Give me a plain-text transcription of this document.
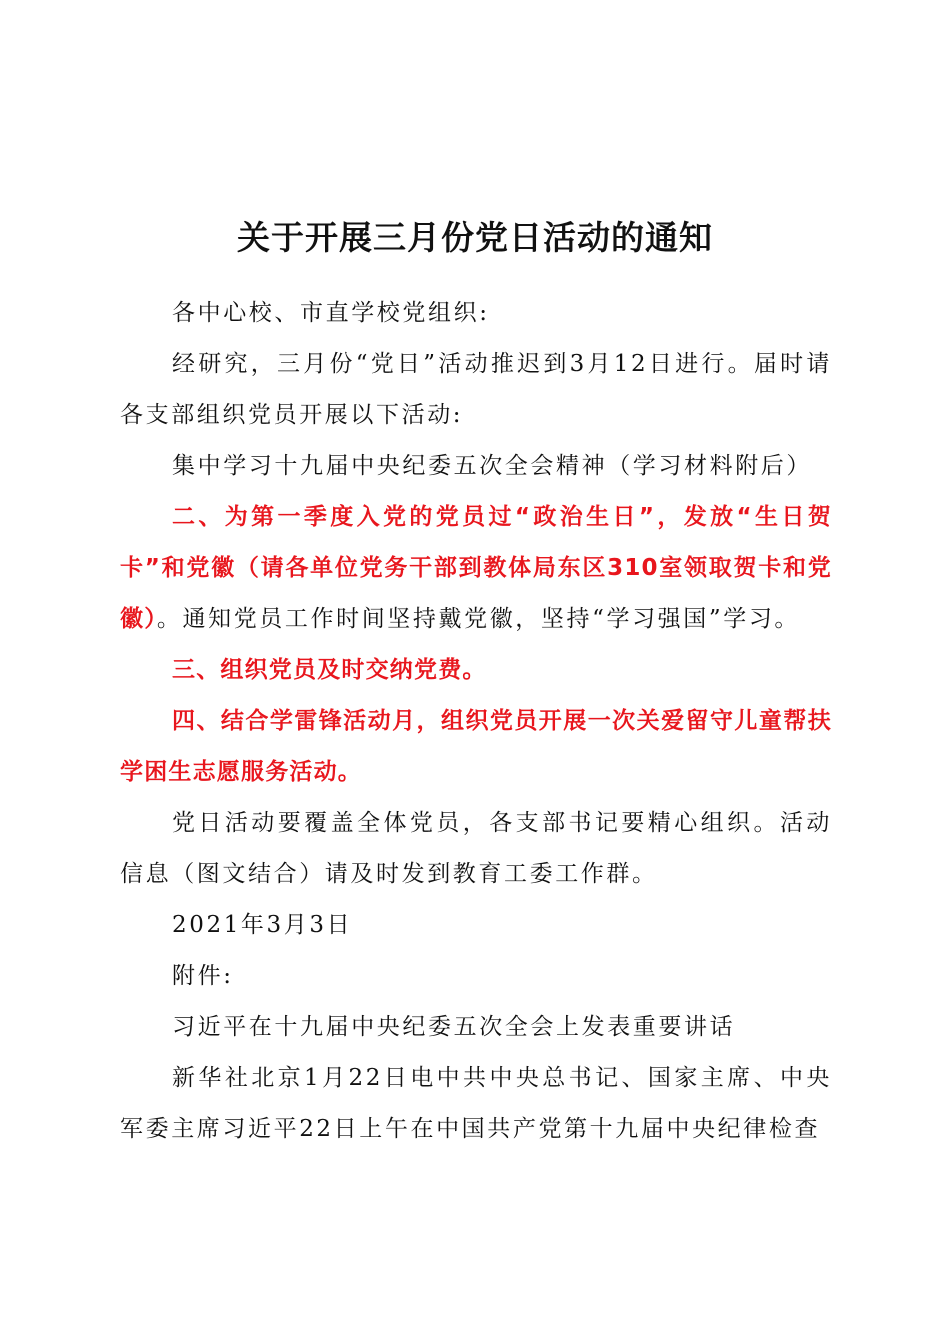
关于开展三月份党日活动的通知

各中心校、市直学校党组织:

经研究，三月份“党日”活动推迟到3月12日进行。届时请各支部组织党员开展以下活动:

集中学习十九届中央纪委五次全会精神（学习材料附后）

二、为第一季度入党的党员过“政治生日”，发放“生日贺卡”和党徽（请各单位党务干部到教体局东区310室领取贺卡和党徽）。通知党员工作时间坚持戴党徽，坚持“学习强国”学习。

三、组织党员及时交纳党费。

四、结合学雷锋活动月，组织党员开展一次关爱留守儿童帮扶学困生志愿服务活动。

党日活动要覆盖全体党员，各支部书记要精心组织。活动信息（图文结合）请及时发到教育工委工作群。

2021年3月3日

附件:

习近平在十九届中央纪委五次全会上发表重要讲话

新华社北京1月22日电中共中央总书记、国家主席、中央军委主席习近平22日上午在中国共产党第十九届中央纪律检查
